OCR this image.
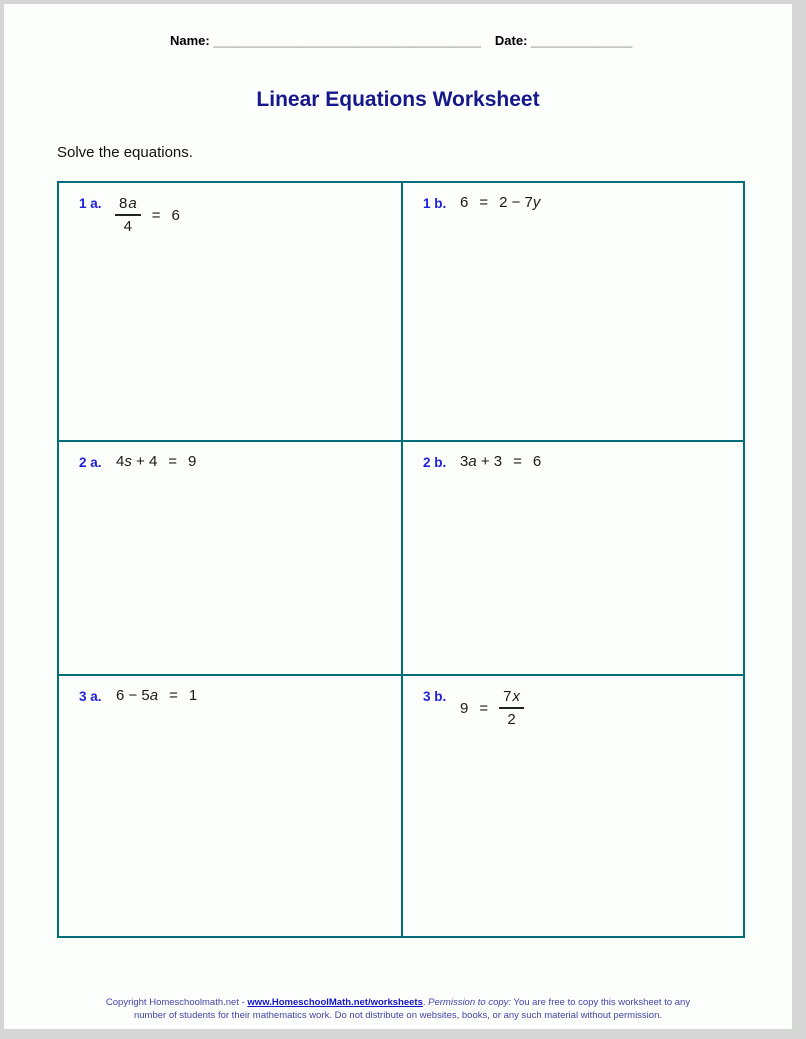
Name: _____________________________________ Date: ______________
Linear Equations Worksheet
Solve the equations.
1 a. $\frac{8a}{4} = 6$
1 b. 6 = 2 − 7y
2 a. 4s + 4 = 9	2 b. 3a + 3 = 6
3 a. 6 − 5a = 1	3 b.
$9 = \frac{7x}{2}$
Copyright Homeschoolmath.net - www.HomeschoolMath.net/worksheets. Permission to copy: You are free to copy this worksheet to any
number of students for their mathematics work. Do not distribute on websites, books, or any such material without permission.
